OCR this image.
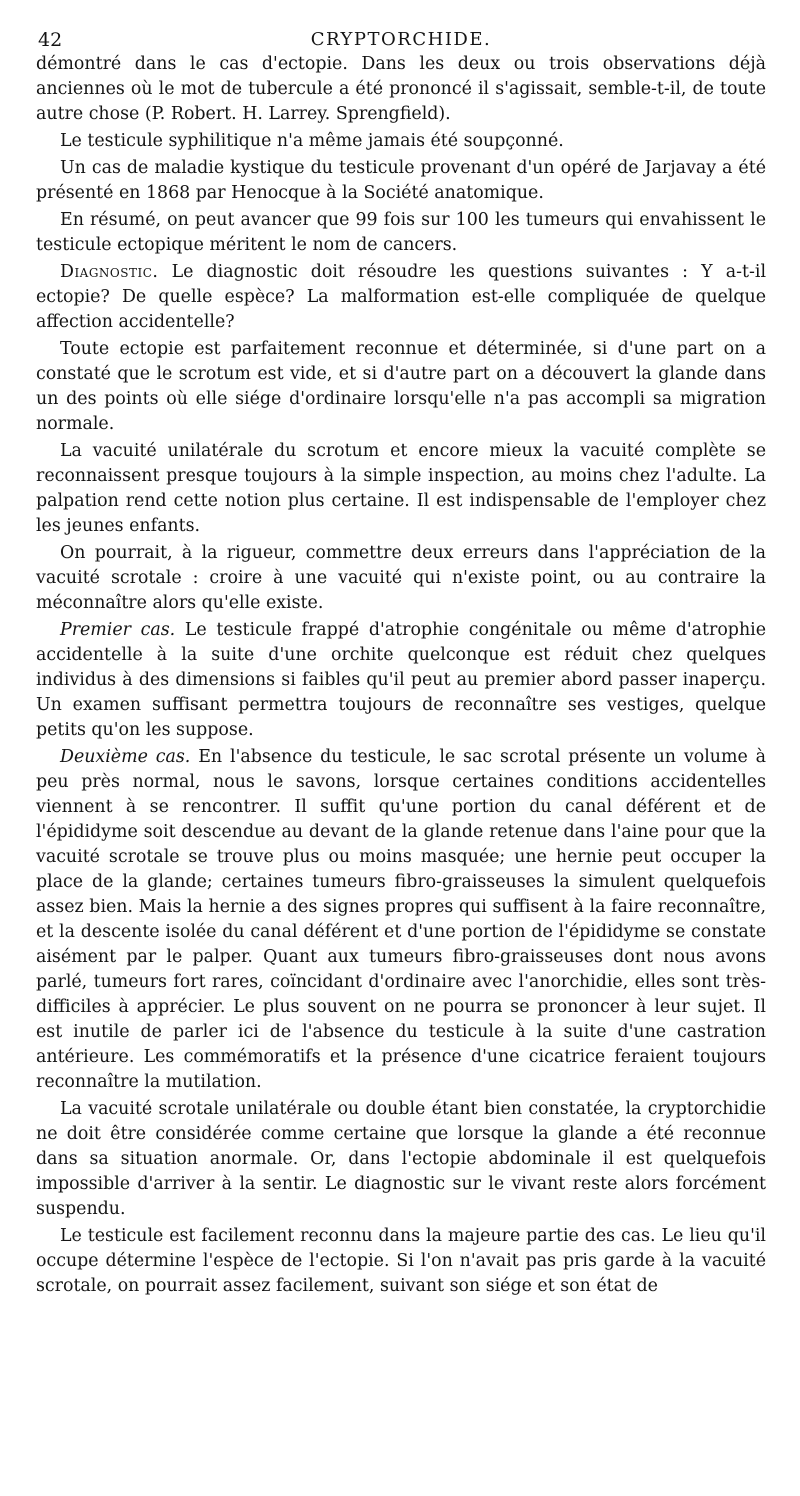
42	CRYPTORCHIDE.

démontré dans le cas d'ectopie. Dans les deux ou trois observations déjà anciennes où le mot de tubercule a été prononcé il s'agissait, semble-t-il, de toute autre chose (P. Robert. H. Larrey. Sprengfield).

Le testicule syphilitique n'a même jamais été soupçonné.

Un cas de maladie kystique du testicule provenant d'un opéré de Jarjavay a été présenté en 1868 par Henocque à la Société anatomique.

En résumé, on peut avancer que 99 fois sur 100 les tumeurs qui envahissent le testicule ectopique méritent le nom de cancers.

Diagnostic. Le diagnostic doit résoudre les questions suivantes : Y a-t-il ectopie? De quelle espèce? La malformation est-elle compliquée de quelque affection accidentelle?

Toute ectopie est parfaitement reconnue et déterminée, si d'une part on a constaté que le scrotum est vide, et si d'autre part on a découvert la glande dans un des points où elle siége d'ordinaire lorsqu'elle n'a pas accompli sa migration normale.

La vacuité unilatérale du scrotum et encore mieux la vacuité complète se reconnaissent presque toujours à la simple inspection, au moins chez l'adulte. La palpation rend cette notion plus certaine. Il est indispensable de l'employer chez les jeunes enfants.

On pourrait, à la rigueur, commettre deux erreurs dans l'appréciation de la vacuité scrotale : croire à une vacuité qui n'existe point, ou au contraire la méconnaître alors qu'elle existe.

Premier cas. Le testicule frappé d'atrophie congénitale ou même d'atrophie accidentelle à la suite d'une orchite quelconque est réduit chez quelques individus à des dimensions si faibles qu'il peut au premier abord passer inaperçu. Un examen suffisant permettra toujours de reconnaître ses vestiges, quelque petits qu'on les suppose.

Deuxième cas. En l'absence du testicule, le sac scrotal présente un volume à peu près normal, nous le savons, lorsque certaines conditions accidentelles viennent à se rencontrer. Il suffit qu'une portion du canal déférent et de l'épididyme soit descendue au devant de la glande retenue dans l'aine pour que la vacuité scrotale se trouve plus ou moins masquée; une hernie peut occuper la place de la glande; certaines tumeurs fibro-graisseuses la simulent quelquefois assez bien. Mais la hernie a des signes propres qui suffisent à la faire reconnaître, et la descente isolée du canal déférent et d'une portion de l'épididyme se constate aisément par le palper. Quant aux tumeurs fibro-graisseuses dont nous avons parlé, tumeurs fort rares, coïncidant d'ordinaire avec l'anorchidie, elles sont très-difficiles à apprécier. Le plus souvent on ne pourra se prononcer à leur sujet. Il est inutile de parler ici de l'absence du testicule à la suite d'une castration antérieure. Les commémoratifs et la présence d'une cicatrice feraient toujours reconnaître la mutilation.

La vacuité scrotale unilatérale ou double étant bien constatée, la cryptorchidie ne doit être considérée comme certaine que lorsque la glande a été reconnue dans sa situation anormale. Or, dans l'ectopie abdominale il est quelquefois impossible d'arriver à la sentir. Le diagnostic sur le vivant reste alors forcément suspendu.

Le testicule est facilement reconnu dans la majeure partie des cas. Le lieu qu'il occupe détermine l'espèce de l'ectopie. Si l'on n'avait pas pris garde à la vacuité scrotale, on pourrait assez facilement, suivant son siége et son état de
